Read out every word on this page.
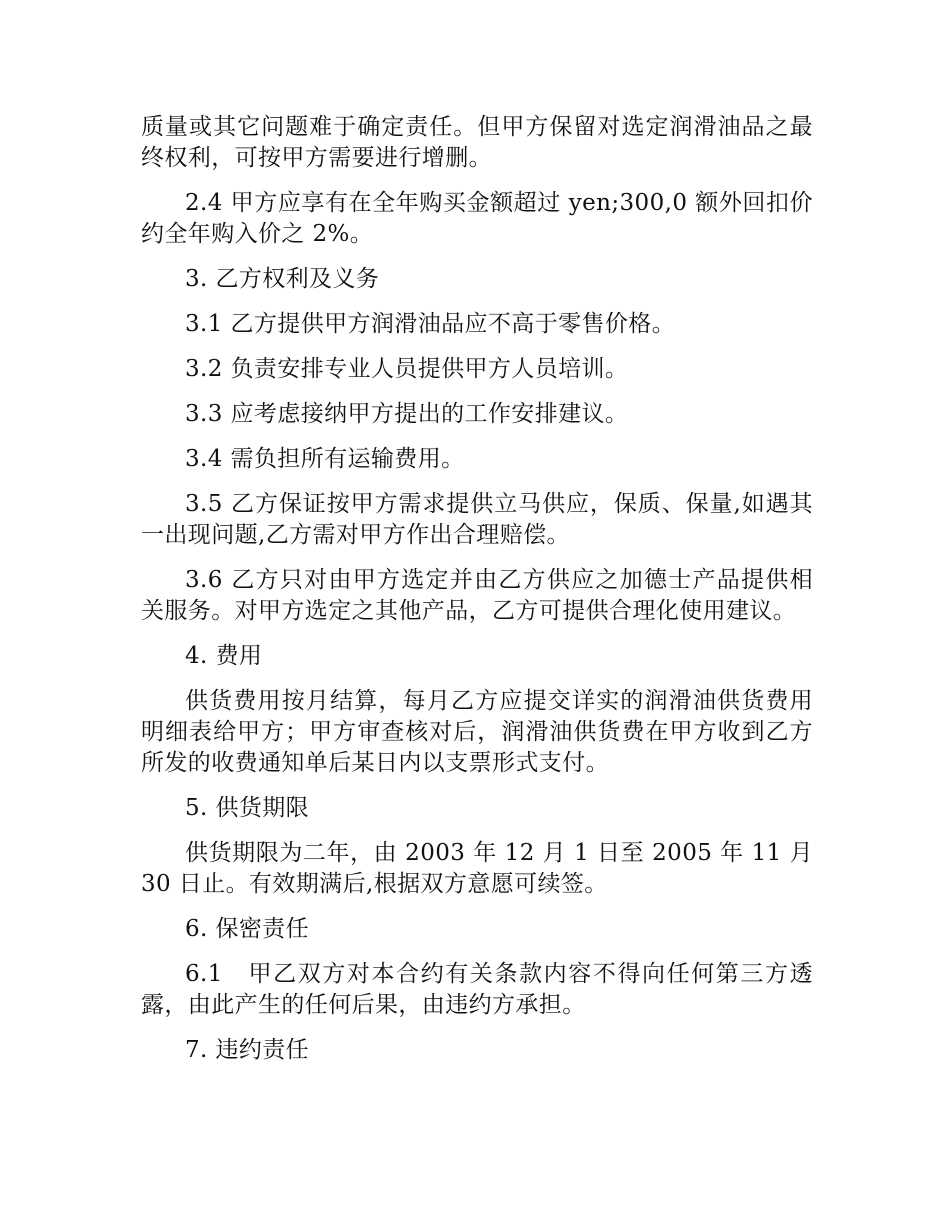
质量或其它问题难于确定责任。但甲方保留对选定润滑油品之最终权利，可按甲方需要进行增删。

2.4 甲方应享有在全年购买金额超过 yen;300,0 额外回扣价约全年购入价之 2%。

3. 乙方权利及义务

3.1 乙方提供甲方润滑油品应不高于零售价格。

3.2 负责安排专业人员提供甲方人员培训。

3.3 应考虑接纳甲方提出的工作安排建议。

3.4 需负担所有运输费用。

3.5 乙方保证按甲方需求提供立马供应，保质、保量,如遇其一出现问题,乙方需对甲方作出合理赔偿。

3.6 乙方只对由甲方选定并由乙方供应之加德士产品提供相关服务。对甲方选定之其他产品，乙方可提供合理化使用建议。

4. 费用

供货费用按月结算，每月乙方应提交详实的润滑油供货费用明细表给甲方；甲方审查核对后，润滑油供货费在甲方收到乙方所发的收费通知单后某日内以支票形式支付。

5. 供货期限

供货期限为二年，由 2003 年 12 月 1 日至 2005 年 11 月 30 日止。有效期满后,根据双方意愿可续签。

6. 保密责任

6.1　甲乙双方对本合约有关条款内容不得向任何第三方透露，由此产生的任何后果，由违约方承担。

7. 违约责任
